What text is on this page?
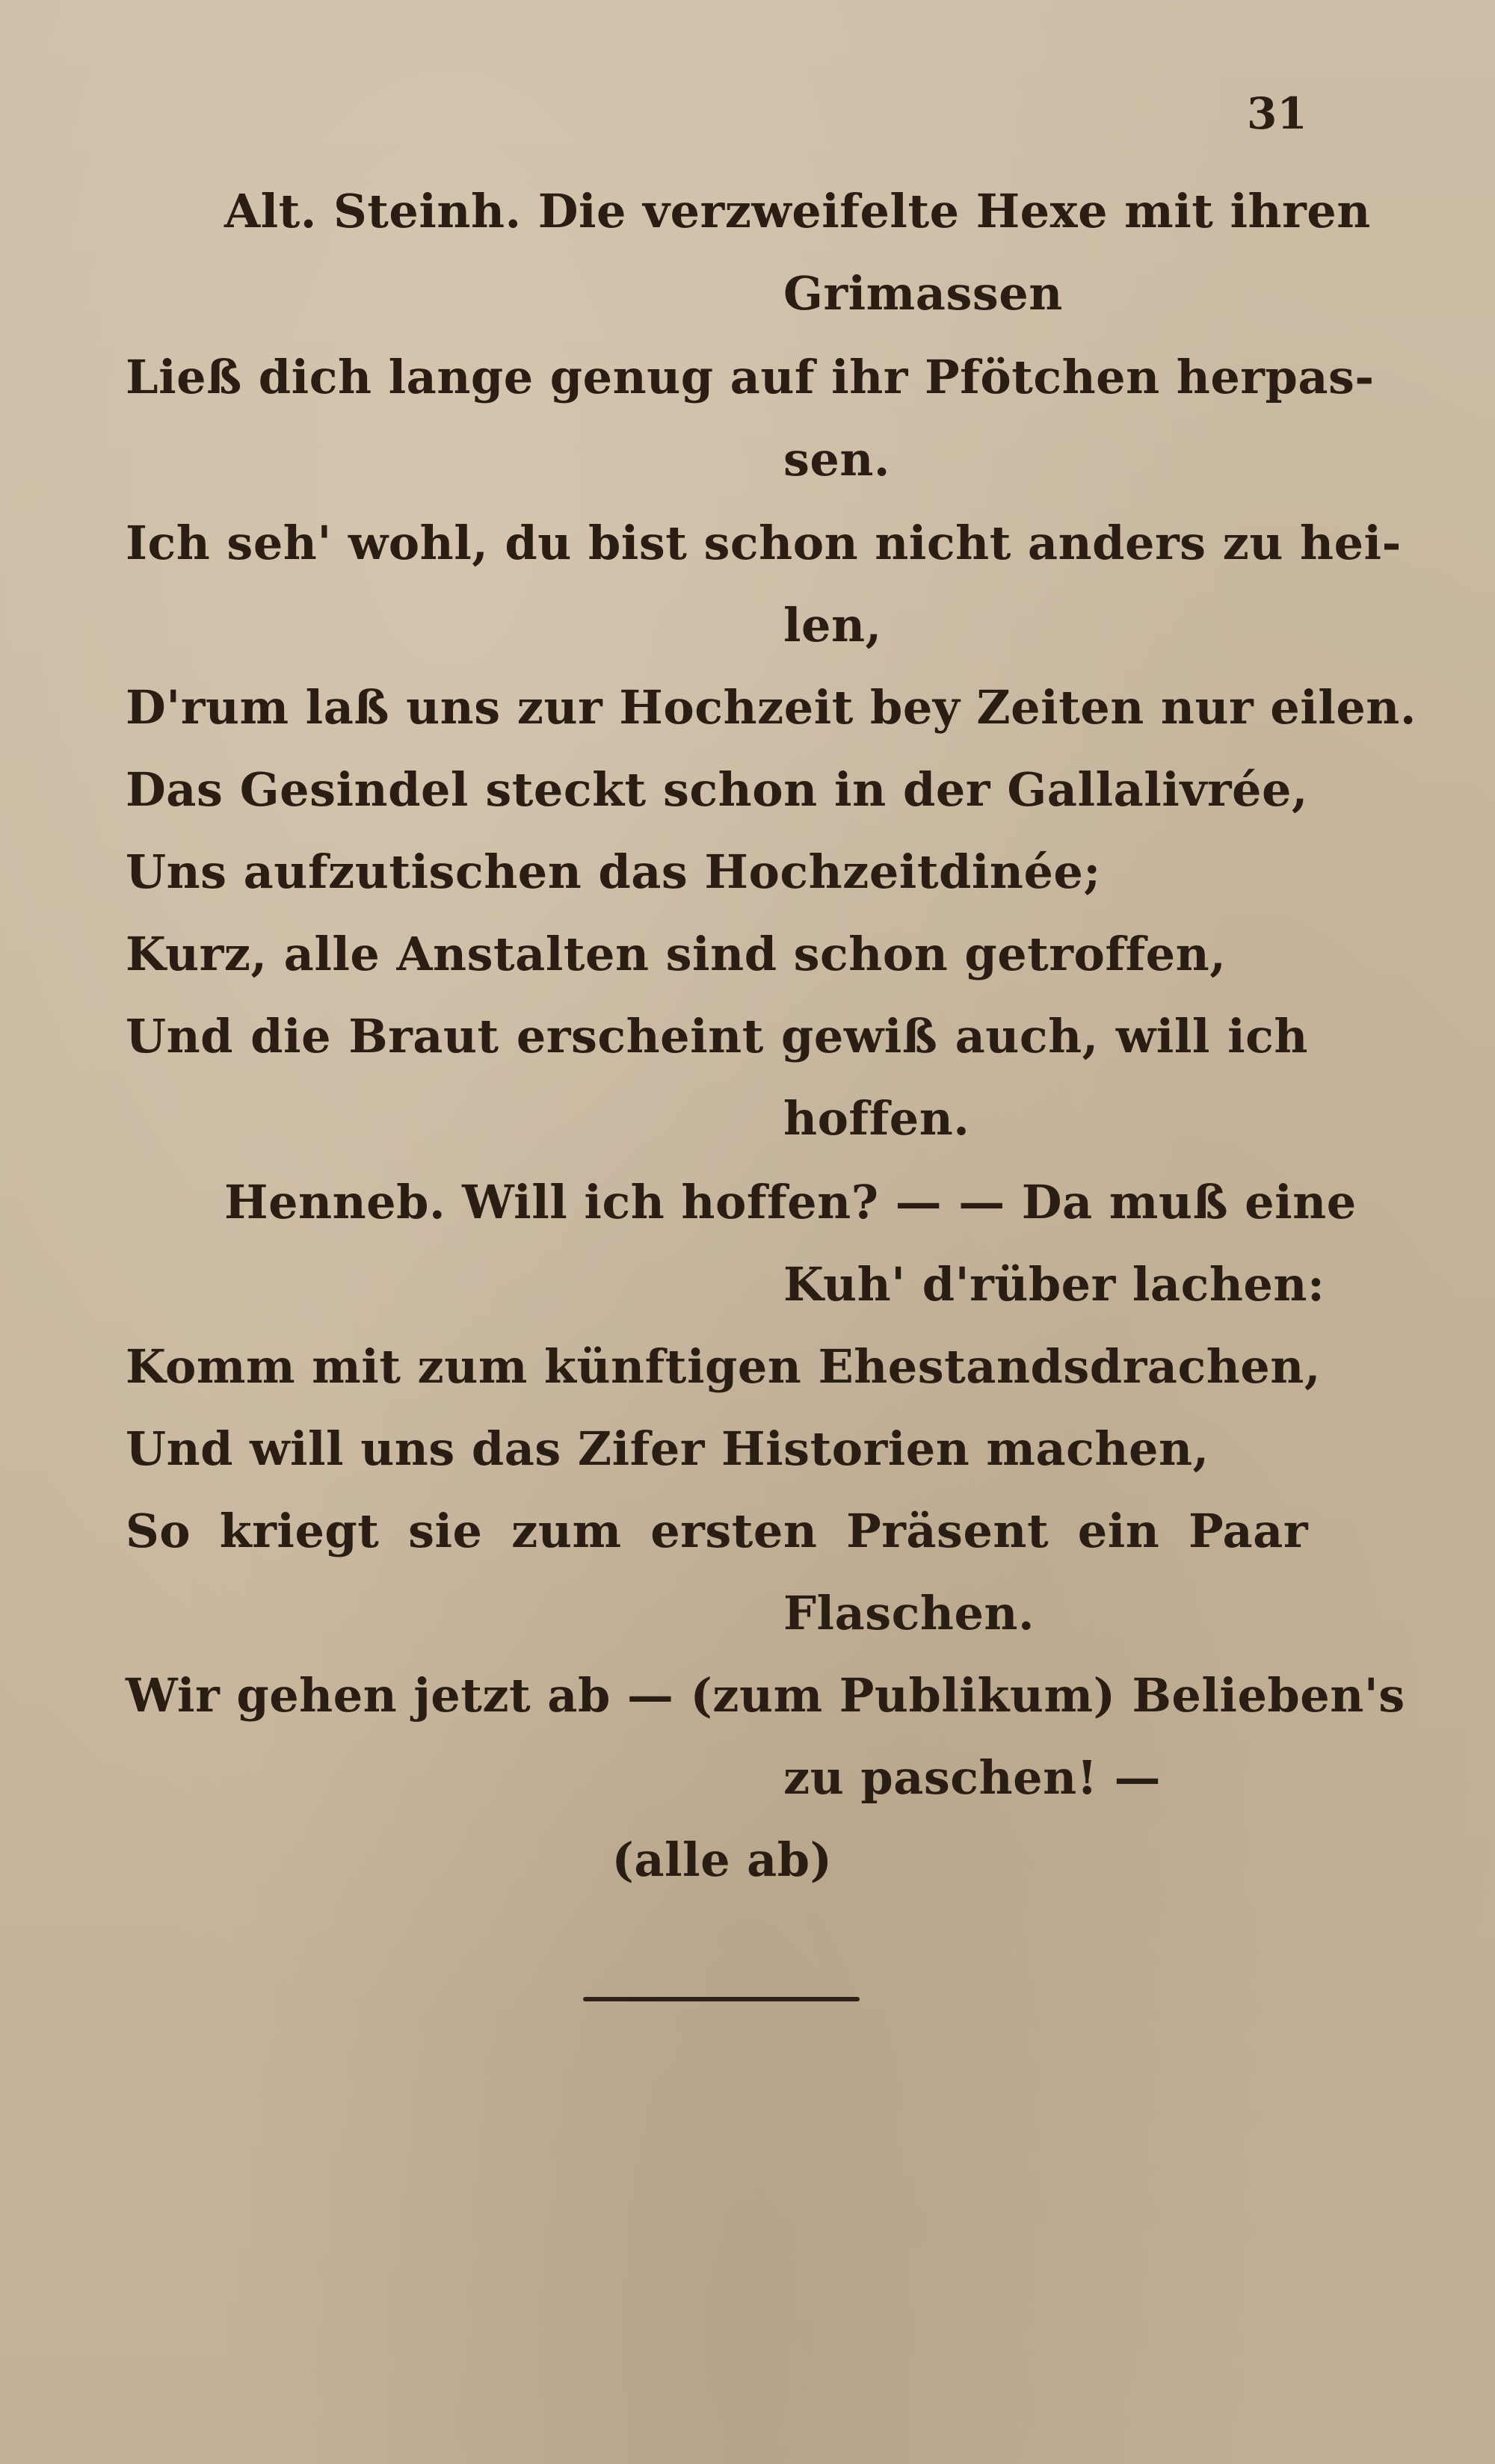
31
Alt. Steinh. Die verzweifelte Hexe mit ihren
Grimassen
Ließ dich lange genug auf ihr Pfötchen herpas-
sen.
Ich seh' wohl, du bist schon nicht anders zu hei-
len,
D'rum laß uns zur Hochzeit bey Zeiten nur eilen.
Das Gesindel steckt schon in der Gallalivrée,
Uns aufzutischen das Hochzeitdinée;
Kurz, alle Anstalten sind schon getroffen,
Und die Braut erscheint gewiß auch, will ich
hoffen.
Henneb. Will ich hoffen? — — Da muß eine
Kuh' d'rüber lachen:
Komm mit zum künftigen Ehestandsdrachen,
Und will uns das Zifer Historien machen,
So kriegt sie zum ersten Präsent ein Paar
Flaschen.
Wir gehen jetzt ab — (zum Publikum) Belieben's
zu paschen! —
(alle ab)
